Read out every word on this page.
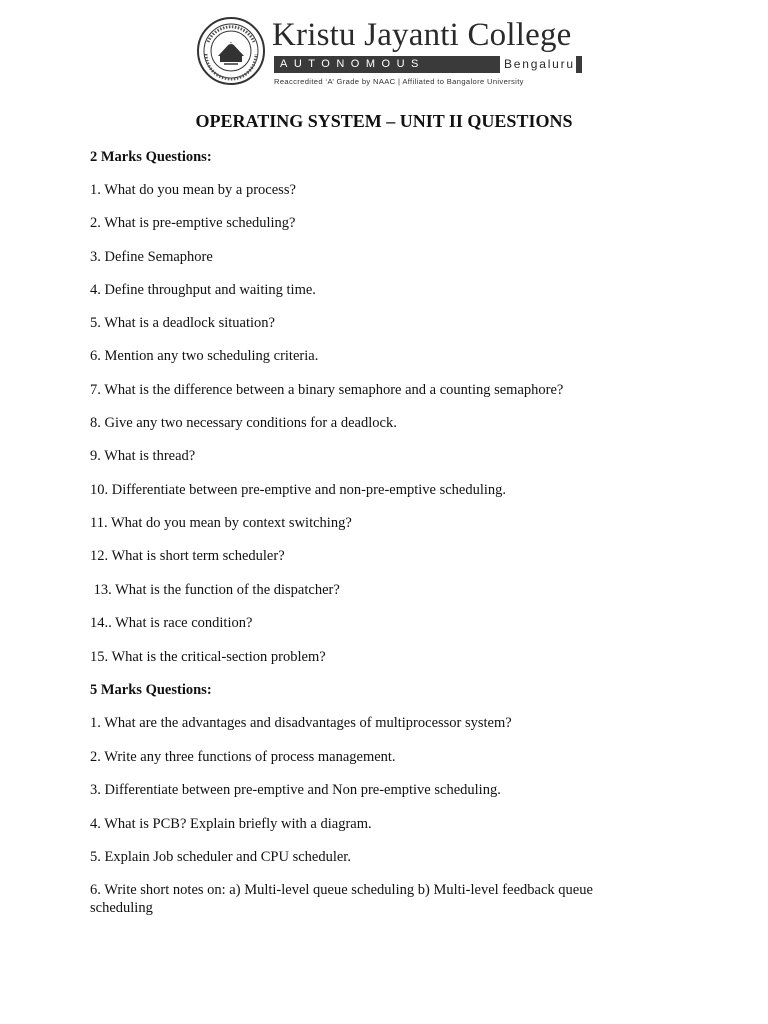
Kristu Jayanti College
AUTONOMOUS	Bengaluru
Reaccredited ‘A’ Grade by NAAC | Affiliated to Bangalore University
OPERATING SYSTEM – UNIT II QUESTIONS
2 Marks Questions:
1. What do you mean by a process?
2. What is pre-emptive scheduling?
3. Define Semaphore
4. Define throughput and waiting time.
5. What is a deadlock situation?
6. Mention any two scheduling criteria.
7. What is the difference between a binary semaphore and a counting semaphore?
8. Give any two necessary conditions for a deadlock.
9. What is thread?
10. Differentiate between pre-emptive and non-pre-emptive scheduling.
11. What do you mean by context switching?
12. What is short term scheduler?
13. What is the function of the dispatcher?
14.. What is race condition?
15. What is the critical-section problem?
5 Marks Questions:
1. What are the advantages and disadvantages of multiprocessor system?
2. Write any three functions of process management.
3. Differentiate between pre-emptive and Non pre-emptive scheduling.
4. What is PCB? Explain briefly with a diagram.
5. Explain Job scheduler and CPU scheduler.
6. Write short notes on: a) Multi-level queue scheduling b) Multi-level feedback queue scheduling
